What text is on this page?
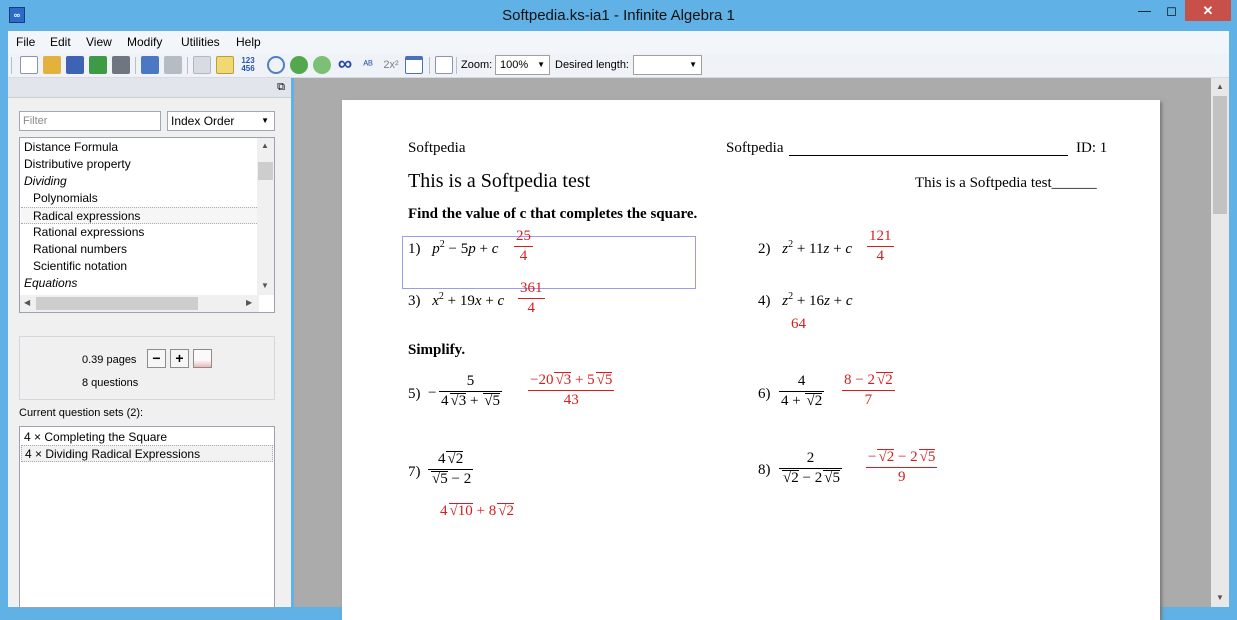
∞	Softpedia.ks-ia1 - Infinite Algebra 1	—	◻	✕
File Edit View Modify Utilities Help
123 456	∞	ᴬᴮ 2x²	Zoom: 100% ▼ Desired length:	▼
⧉
Filter	Index Order	▼
Distance Formula
Distributive property
Dividing
Polynomials
Radical expressions
Rational expressions
Rational numbers
Scientific notation
Equations
▲
▼
◀	▶
0.39 pages
8 questions
−	+
Current question sets (2):
4 × Completing the Square
4 × Dividing Radical Expressions
Softpedia	Softpedia	ID: 1
This is a Softpedia test	This is a Softpedia test______
Find the value of c that completes the square.
1) $p^2 - 5p + c \frac{25}{4}$	2) $z^2 + 11z + c \frac{121}{4}$
3) $x^2 + 19x + c \frac{361}{4}$	4) $z^2 + 16z + c$
64
Simplify.
$5) - \frac{5}{4 √3 + √5} \frac{-20 √3 + 5 √5}{43}$	$6) \frac{4}{4 + √2} \frac{8 - 2 √2}{7}$
$7) \frac{4 √2}{√5 - 2}$
4 √10 + 8 √2
$8) \frac{2}{√2 - 2 √5} \frac{- √2 - 2 √5}{9}$
▲
▼
